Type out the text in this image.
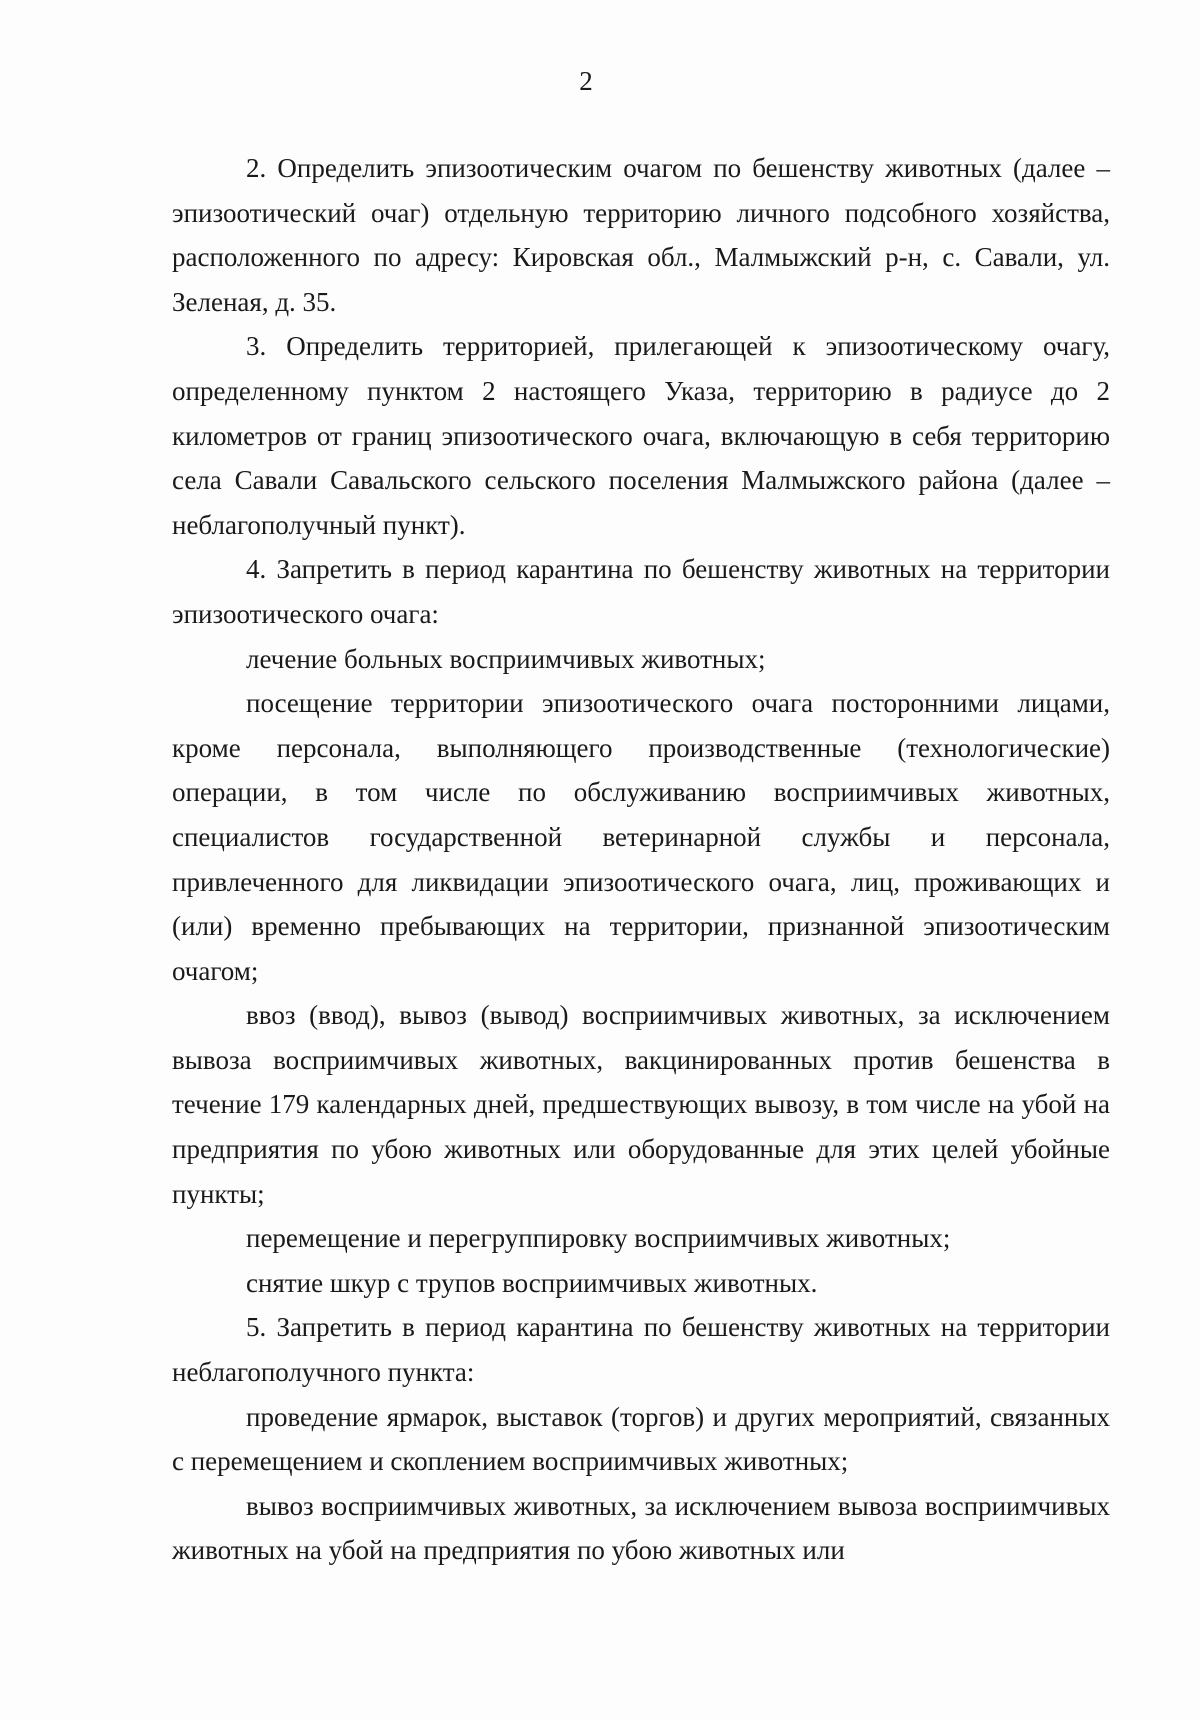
2

2. Определить эпизоотическим очагом по бешенству животных (далее – эпизоотический очаг) отдельную территорию личного подсобного хозяйства, расположенного по адресу: Кировская обл., Малмыжский р-н, с. Савали, ул. Зеленая, д. 35.

3. Определить территорией, прилегающей к эпизоотическому очагу, определенному пунктом 2 настоящего Указа, территорию в радиусе до 2 километров от границ эпизоотического очага, включающую в себя территорию села Савали Савальского сельского поселения Малмыжского района (далее – неблагополучный пункт).

4. Запретить в период карантина по бешенству животных на территории эпизоотического очага:

лечение больных восприимчивых животных;

посещение территории эпизоотического очага посторонними лицами, кроме персонала, выполняющего производственные (технологические) операции, в том числе по обслуживанию восприимчивых животных, специалистов государственной ветеринарной службы и персонала, привлеченного для ликвидации эпизоотического очага, лиц, проживающих и (или) временно пребывающих на территории, признанной эпизоотическим очагом;

ввоз (ввод), вывоз (вывод) восприимчивых животных, за исключением вывоза восприимчивых животных, вакцинированных против бешенства в течение 179 календарных дней, предшествующих вывозу, в том числе на убой на предприятия по убою животных или оборудованные для этих целей убойные пункты;

перемещение и перегруппировку восприимчивых животных;

снятие шкур с трупов восприимчивых животных.

5. Запретить в период карантина по бешенству животных на территории неблагополучного пункта:

проведение ярмарок, выставок (торгов) и других мероприятий, связанных с перемещением и скоплением восприимчивых животных;

вывоз восприимчивых животных, за исключением вывоза восприимчивых животных на убой на предприятия по убою животных или
